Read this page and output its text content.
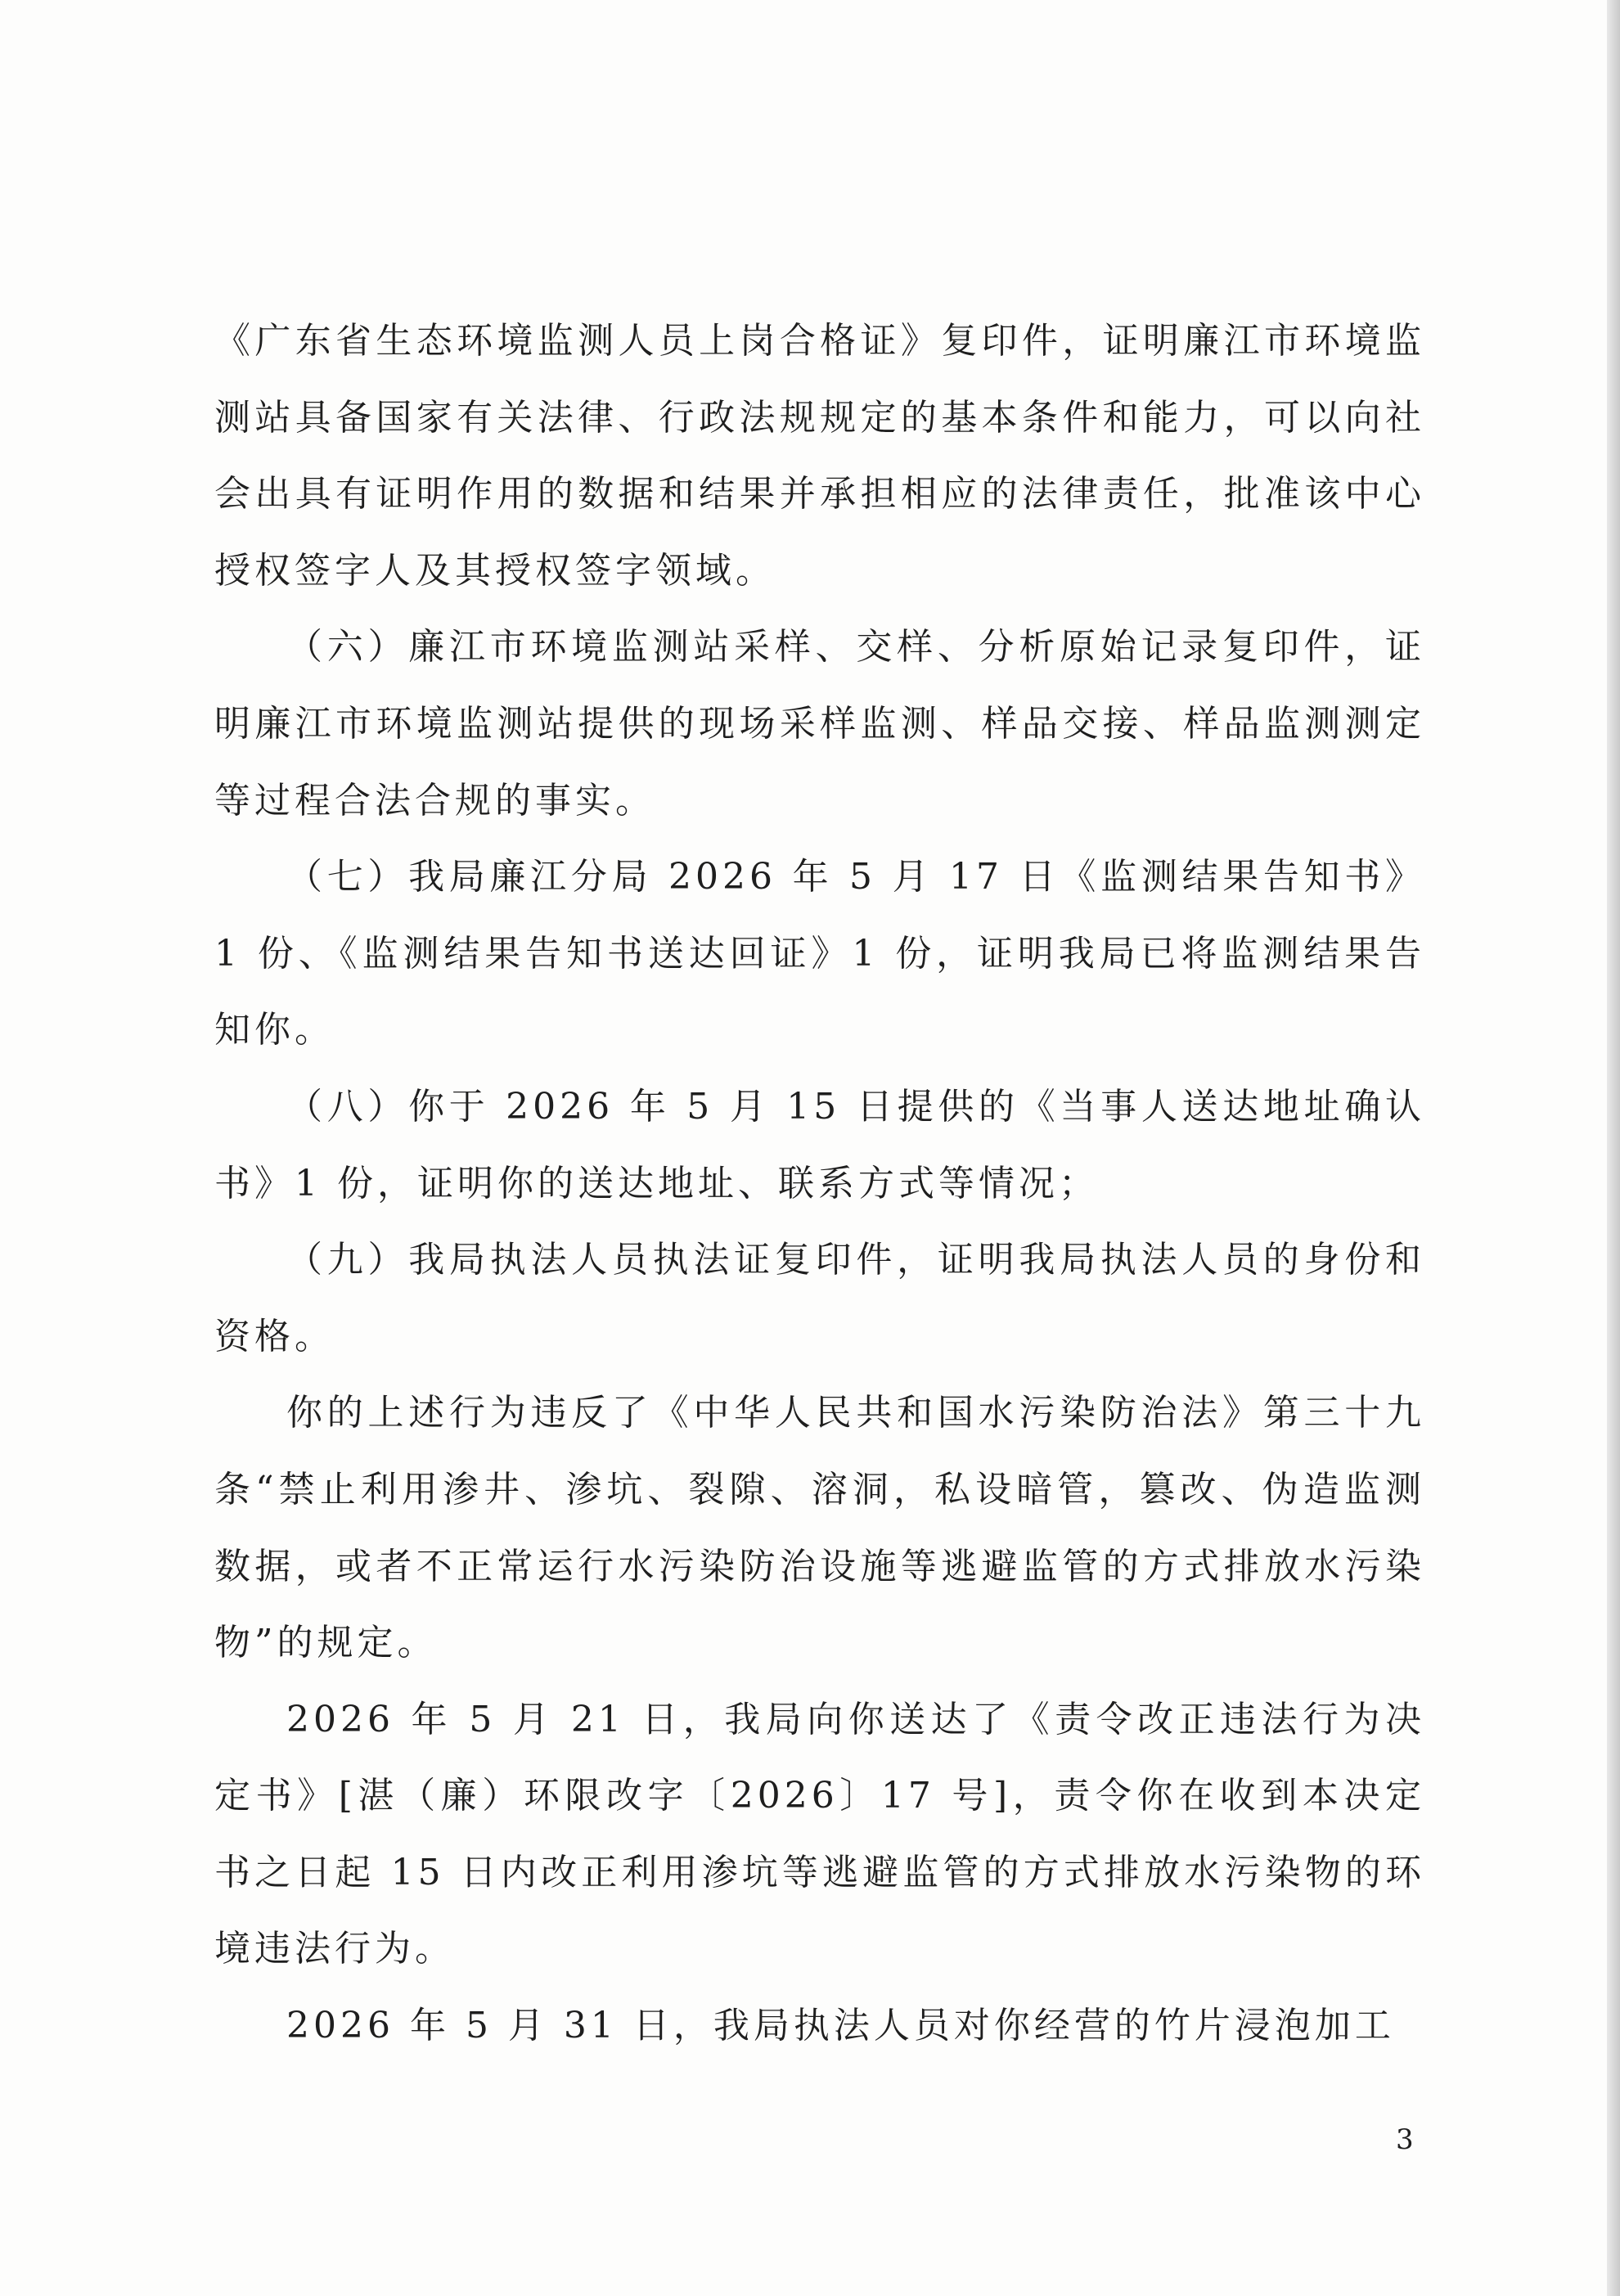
《广东省生态环境监测人员上岗合格证》复印件，证明廉江市环境监测站具备国家有关法律、行政法规规定的基本条件和能力，可以向社会出具有证明作用的数据和结果并承担相应的法律责任，批准该中心授权签字人及其授权签字领域。

（六）廉江市环境监测站采样、交样、分析原始记录复印件，证明廉江市环境监测站提供的现场采样监测、样品交接、样品监测测定等过程合法合规的事实。

（七）我局廉江分局 2026 年 5 月 17 日《监测结果告知书》1 份、《监测结果告知书送达回证》1 份，证明我局已将监测结果告知你。

（八）你于 2026 年 5 月 15 日提供的《当事人送达地址确认书》1 份，证明你的送达地址、联系方式等情况；

（九）我局执法人员执法证复印件，证明我局执法人员的身份和资格。

你的上述行为违反了《中华人民共和国水污染防治法》第三十九条“禁止利用渗井、渗坑、裂隙、溶洞，私设暗管，篡改、伪造监测数据，或者不正常运行水污染防治设施等逃避监管的方式排放水污染物”的规定。

2026 年 5 月 21 日，我局向你送达了《责令改正违法行为决定书》[湛（廉）环限改字〔2026〕17 号]，责令你在收到本决定书之日起 15 日内改正利用渗坑等逃避监管的方式排放水污染物的环境违法行为。

2026 年 5 月 31 日，我局执法人员对你经营的竹片浸泡加工

3
